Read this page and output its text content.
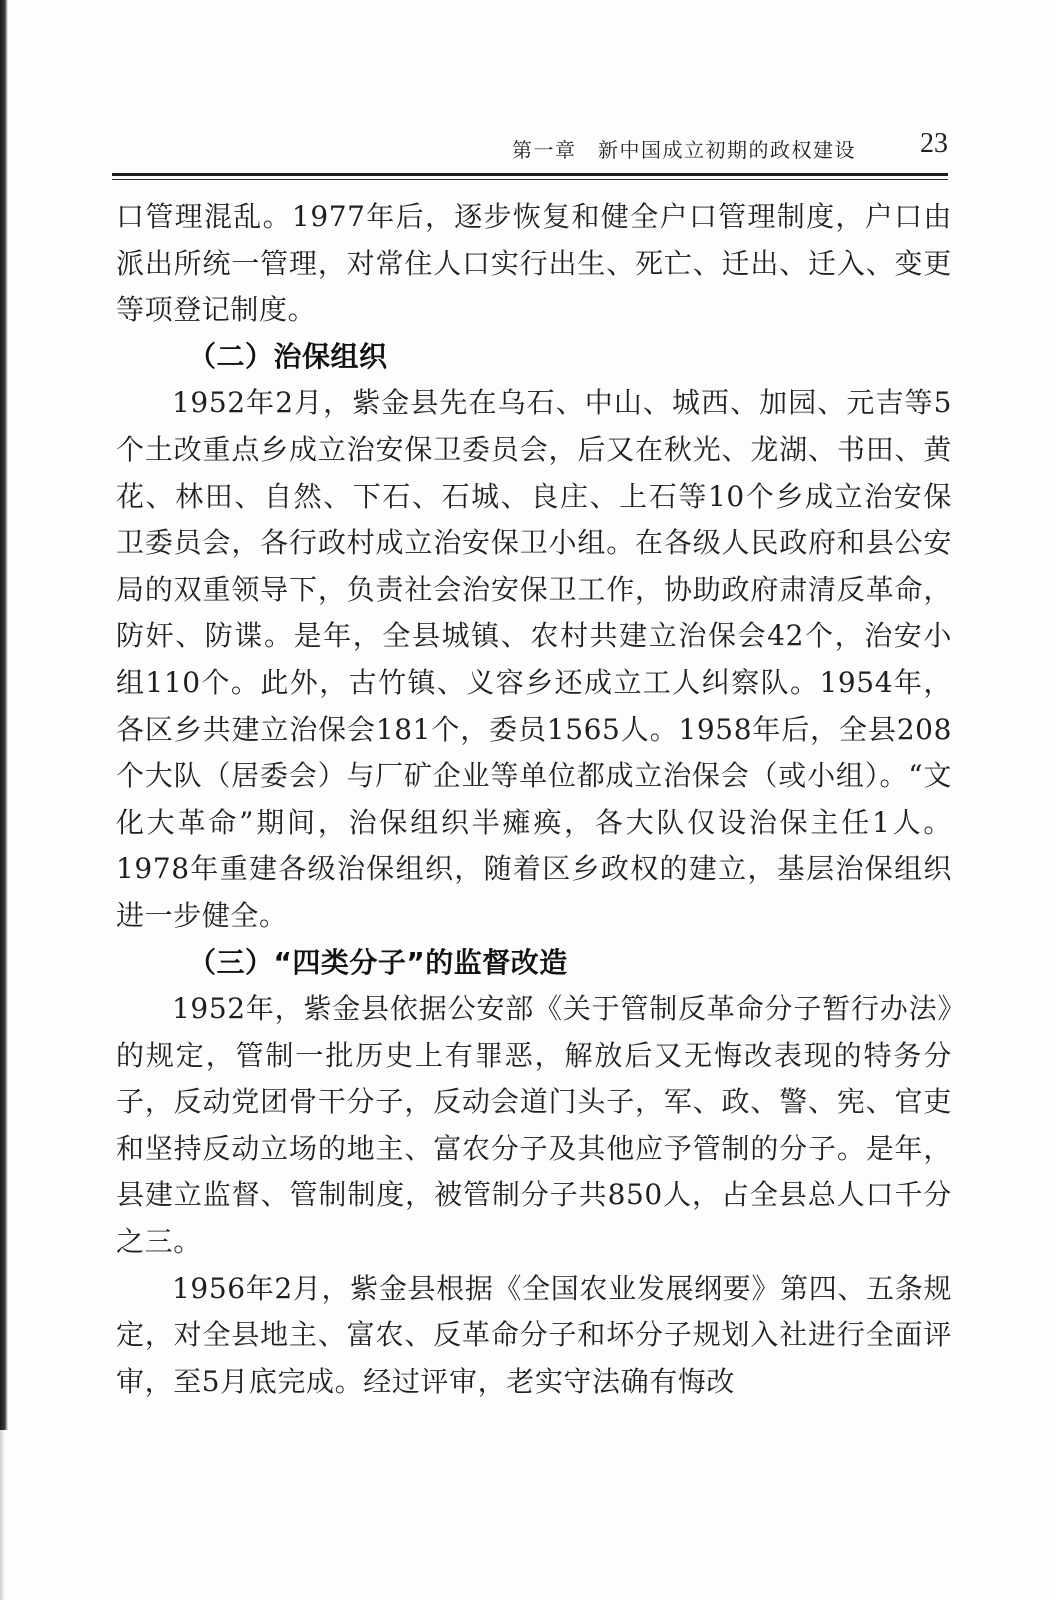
第一章　新中国成立初期的政权建设 23

口管理混乱。1977年后，逐步恢复和健全户口管理制度，户口由派出所统一管理，对常住人口实行出生、死亡、迁出、迁入、变更等项登记制度。

（二）治保组织

1952年2月，紫金县先在乌石、中山、城西、加园、元吉等5个土改重点乡成立治安保卫委员会，后又在秋光、龙湖、书田、黄花、林田、自然、下石、石城、良庄、上石等10个乡成立治安保卫委员会，各行政村成立治安保卫小组。在各级人民政府和县公安局的双重领导下，负责社会治安保卫工作，协助政府肃清反革命，防奸、防谍。是年，全县城镇、农村共建立治保会42个，治安小组110个。此外，古竹镇、义容乡还成立工人纠察队。1954年，各区乡共建立治保会181个，委员1565人。1958年后，全县208个大队（居委会）与厂矿企业等单位都成立治保会（或小组）。“文化大革命”期间，治保组织半瘫痪，各大队仅设治保主任1人。1978年重建各级治保组织，随着区乡政权的建立，基层治保组织进一步健全。

（三）“四类分子”的监督改造

1952年，紫金县依据公安部《关于管制反革命分子暂行办法》的规定，管制一批历史上有罪恶，解放后又无悔改表现的特务分子，反动党团骨干分子，反动会道门头子，军、政、警、宪、官吏和坚持反动立场的地主、富农分子及其他应予管制的分子。是年，县建立监督、管制制度，被管制分子共850人，占全县总人口千分之三。

1956年2月，紫金县根据《全国农业发展纲要》第四、五条规定，对全县地主、富农、反革命分子和坏分子规划入社进行全面评审，至5月底完成。经过评审，老实守法确有悔改
